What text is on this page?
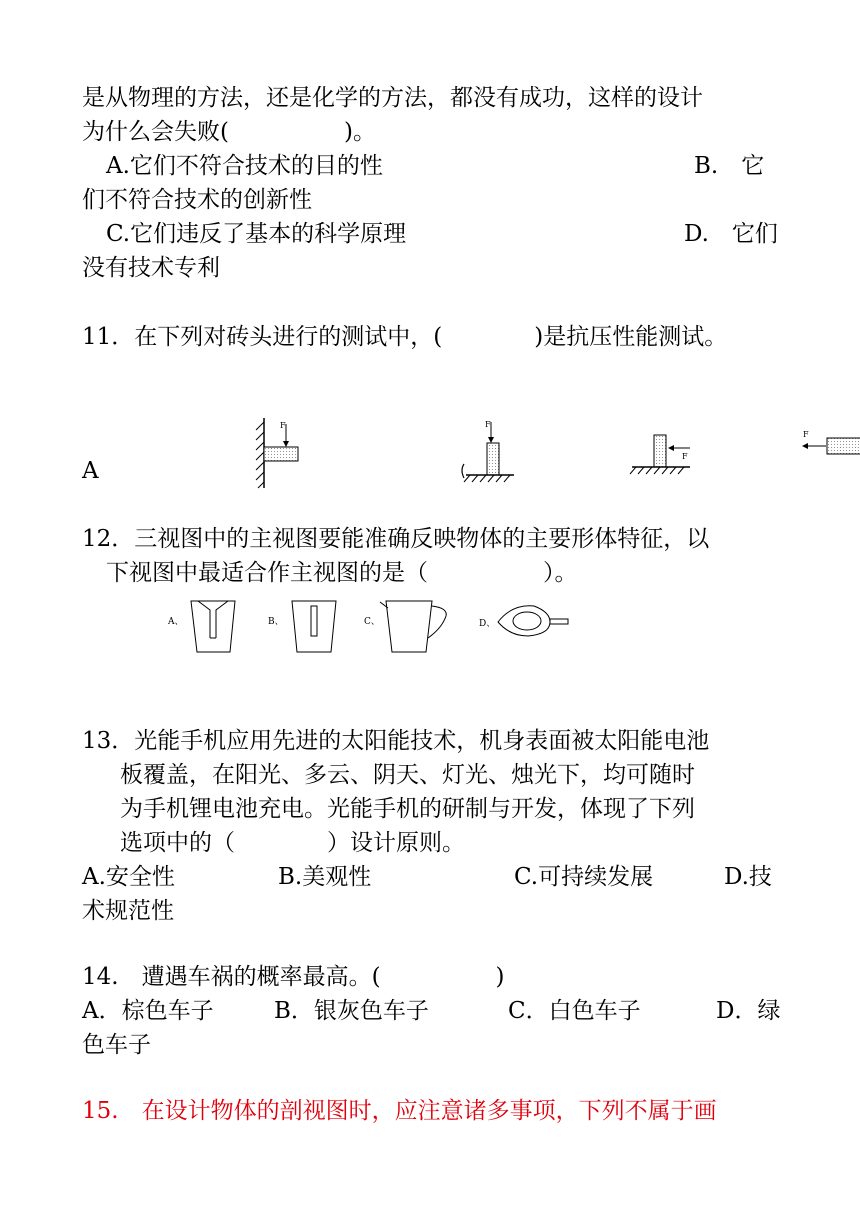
是从物理的方法，还是化学的方法，都没有成功，这样的设计
为什么会失败(　　　　　)。
A.它们不符合技术的目的性	B.　它
们不符合技术的创新性
C.它们违反了基本的科学原理	D.　它们
没有技术专利
11．在下列对砖头进行的测试中，(　　　　)是抗压性能测试。
A
F	F
F
F
12．三视图中的主视图要能准确反映物体的主要形体特征，以
下视图中最适合作主视图的是（　　　　　）。
A、	B、	C、	D、
13．光能手机应用先进的太阳能技术，机身表面被太阳能电池
板覆盖，在阳光、多云、阴天、灯光、烛光下，均可随时
为手机锂电池充电。光能手机的研制与开发，体现了下列
选项中的（　　　　）设计原则。
A.安全性	B.美观性	C.可持续发展	D.技
术规范性
14.　遭遇车祸的概率最高。(　　　　　)
A．棕色车子	B．银灰色车子	C．白色车子	D．绿
色车子
15.　在设计物体的剖视图时，应注意诸多事项，下列不属于画
